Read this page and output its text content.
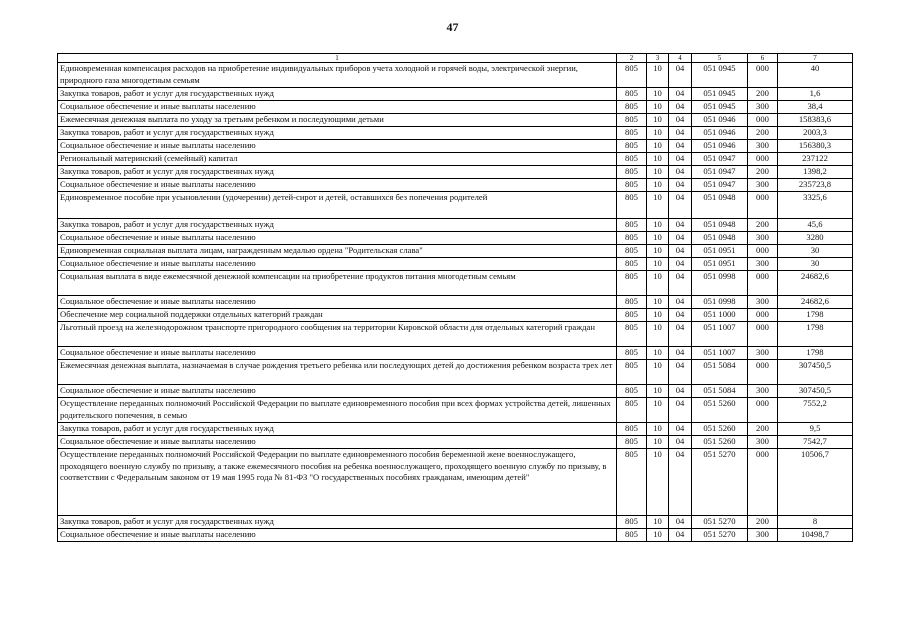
47
1	2	3	4	5	6	7
Единовременная компенсация расходов на приобретение индивидуальных приборов учета холодной и горячей воды, электрической энергии, природного газа многодетным семьям	805	10	04	051 0945	000	40
Закупка товаров, работ и услуг для государственных нужд	805	10	04	051 0945	200	1,6
Социальное обеспечение и иные выплаты населению	805	10	04	051 0945	300	38,4
Ежемесячная денежная выплата по уходу за третьим ребенком и последующими детьми	805	10	04	051 0946	000	158383,6
Закупка товаров, работ и услуг для государственных нужд	805	10	04	051 0946	200	2003,3
Социальное обеспечение и иные выплаты населению	805	10	04	051 0946	300	156380,3
Региональный материнский (семейный) капитал	805	10	04	051 0947	000	237122
Закупка товаров, работ и услуг для государственных нужд	805	10	04	051 0947	200	1398,2
Социальное обеспечение и иные выплаты населению	805	10	04	051 0947	300	235723,8
Единовременное пособие при усыновлении (удочерении) детей-сирот и детей, оставшихся без попечения родителей	805	10	04	051 0948	000	3325,6
Закупка товаров, работ и услуг для государственных нужд	805	10	04	051 0948	200	45,6
Социальное обеспечение и иные выплаты населению	805	10	04	051 0948	300	3280
Единовременная социальная выплата лицам, награжденным медалью ордена "Родительская слава"	805	10	04	051 0951	000	30
Социальное обеспечение и иные выплаты населению	805	10	04	051 0951	300	30
Социальная выплата в виде ежемесячной денежной компенсации на приобретение продуктов питания многодетным семьям	805	10	04	051 0998	000	24682,6
Социальное обеспечение и иные выплаты населению	805	10	04	051 0998	300	24682,6
Обеспечение мер социальной поддержки отдельных категорий граждан	805	10	04	051 1000	000	1798
Льготный проезд на железнодорожном транспорте пригородного сообщения на территории Кировской области для отдельных категорий граждан	805	10	04	051 1007	000	1798
Социальное обеспечение и иные выплаты населению	805	10	04	051 1007	300	1798
Ежемесячная денежная выплата, назначаемая в случае рождения третьего ребенка или последующих детей до достижения ребенком возраста трех лет	805	10	04	051 5084	000	307450,5
Социальное обеспечение и иные выплаты населению	805	10	04	051 5084	300	307450,5
Осуществление переданных полномочий Российской Федерации по выплате единовременного пособия при всех формах устройства детей, лишенных родительского попечения, в семью	805	10	04	051 5260	000	7552,2
Закупка товаров, работ и услуг для государственных нужд	805	10	04	051 5260	200	9,5
Социальное обеспечение и иные выплаты населению	805	10	04	051 5260	300	7542,7
Осуществление переданных полномочий Российской Федерации по выплате единовременного пособия беременной жене военнослужащего, проходящего военную службу по призыву, а также ежемесячного пособия на ребенка военнослужащего, проходящего военную службу по призыву, в соответствии с Федеральным законом от 19 мая 1995 года № 81-ФЗ "О государственных пособиях гражданам, имеющим детей"	805	10	04	051 5270	000	10506,7
Закупка товаров, работ и услуг для государственных нужд	805	10	04	051 5270	200	8
Социальное обеспечение и иные выплаты населению	805	10	04	051 5270	300	10498,7
